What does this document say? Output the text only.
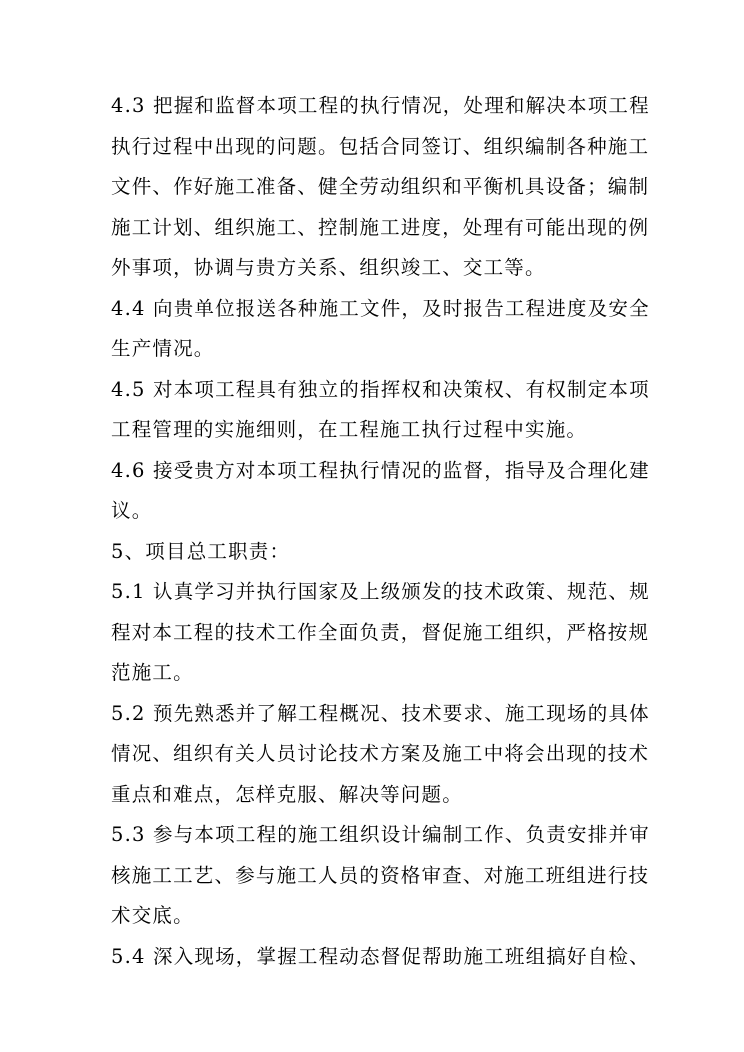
4.3 把握和监督本项工程的执行情况，处理和解决本项工程
执行过程中出现的问题。包括合同签订、组织编制各种施工
文件、作好施工准备、健全劳动组织和平衡机具设备；编制
施工计划、组织施工、控制施工进度，处理有可能出现的例
外事项，协调与贵方关系、组织竣工、交工等。

4.4 向贵单位报送各种施工文件，及时报告工程进度及安全
生产情况。

4.5 对本项工程具有独立的指挥权和决策权、有权制定本项
工程管理的实施细则，在工程施工执行过程中实施。

4.6 接受贵方对本项工程执行情况的监督，指导及合理化建
议。

5、项目总工职责：

5.1 认真学习并执行国家及上级颁发的技术政策、规范、规
程对本工程的技术工作全面负责，督促施工组织，严格按规
范施工。

5.2 预先熟悉并了解工程概况、技术要求、施工现场的具体
情况、组织有关人员讨论技术方案及施工中将会出现的技术
重点和难点，怎样克服、解决等问题。

5.3 参与本项工程的施工组织设计编制工作、负责安排并审
核施工工艺、参与施工人员的资格审查、对施工班组进行技
术交底。

5.4 深入现场，掌握工程动态督促帮助施工班组搞好自检、
